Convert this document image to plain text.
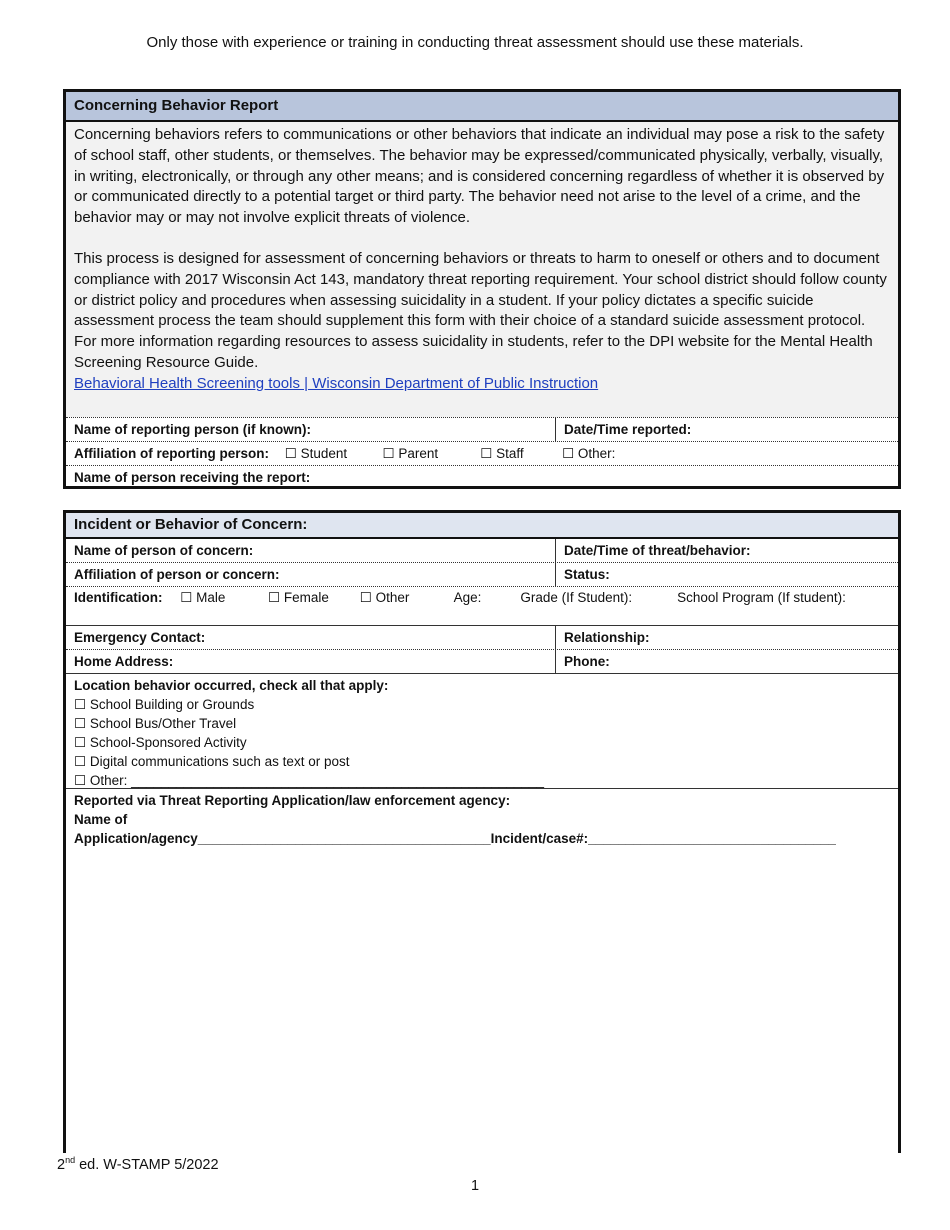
Only those with experience or training in conducting threat assessment should use these materials.
Concerning Behavior Report

Concerning behaviors refers to communications or other behaviors that indicate an individual may pose a risk to the safety of school staff, other students, or themselves. The behavior may be expressed/communicated physically, verbally, visually, in writing, electronically, or through any other means; and is considered concerning regardless of whether it is observed by or communicated directly to a potential target or third party. The behavior need not arise to the level of a crime, and the behavior may or may not involve explicit threats of violence.

This process is designed for assessment of concerning behaviors or threats to harm to oneself or others and to document compliance with 2017 Wisconsin Act 143, mandatory threat reporting requirement. Your school district should follow county or district policy and procedures when assessing suicidality in a student. If your policy dictates a specific suicide assessment process the team should supplement this form with their choice of a standard suicide assessment protocol. For more information regarding resources to assess suicidality in students, refer to the DPI website for the Mental Health Screening Resource Guide.

Behavioral Health Screening tools | Wisconsin Department of Public Instruction

Name of reporting person (if known):	Date/Time reported:
Affiliation of reporting person: ☐ Student	☐ Parent	☐ Staff	☐ Other:
Name of person receiving the report:
Incident or Behavior of Concern:
Name of person of concern:	Date/Time of threat/behavior:
Affiliation of person or concern:	Status:
Identification: ☐ Male	☐ Female ☐ Other	Age:	Grade (If Student):	School Program (If student):
Emergency Contact:	Relationship:
Home Address:	Phone:
Location behavior occurred, check all that apply:
☐ School Building or Grounds
☐ School Bus/Other Travel
☐ School-Sponsored Activity
☐ Digital communications such as text or post
☐ Other: _______________________________________________________
Reported via Threat Reporting Application/law enforcement agency:
Name of Application/agency_______________________________________Incident/case#:_________________________________
2nd ed. W-STAMP 5/2022
1
